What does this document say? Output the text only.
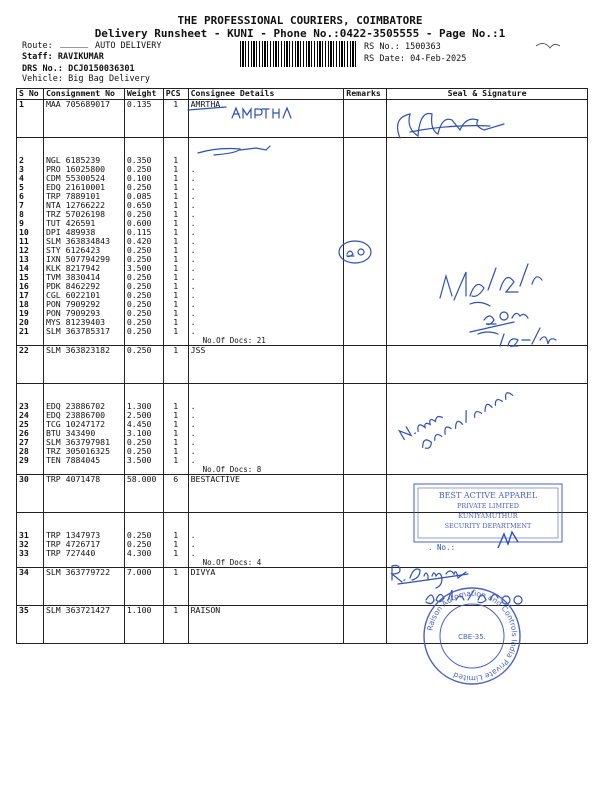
THE PROFESSIONAL COURIERS, COIMBATORE
Delivery Runsheet - KUNI - Phone No.:0422-3505555 - Page No.:1
Route:	AUTO DELIVERY
Staff: RAVIKUMAR
DRS No.: DCJ0150036301
Vehicle: Big Bag Delivery
RS No.: 1500363
RS Date: 04-Feb-2025
S No	Consignment No	Weight	PCS	Consignee Details	Remarks	Seal & Signature
1	MAA 705689017	0.135	1	AMRTHA		
2	NGL 6185239	0.350	1			
3	PRO 16025800	0.250	1	.		
4	CDM 55300524	0.100	1	.		
5	EDQ 21610001	0.250	1	.		
6	TRP 7889101	0.085	1	.		
7	NTA 12766222	0.650	1	.		
8	TRZ 57026198	0.250	1	.		
9	TUT 426591	0.600	1	.		
10	DPI 489938	0.115	1	.		
11	SLM 363834843	0.420	1	.		
12	STY 6126423	0.250	1	.		
13	IXN 507794299	0.250	1	.		
14	KLK 8217942	3.500	1	.		
15	TVM 3830414	0.250	1	.		
16	PDK 8462292	0.250	1	.		
17	CGL 6022101	0.250	1	.		
18	PON 7909292	0.250	1	.		
19	PON 7909293	0.250	1	.		
20	MYS 81239403	0.250	1	.		
21	SLM 363785317	0.250	1	.		
				No.Of Docs: 21		
22	SLM 363823182	0.250	1	JSS		
23	EDQ 23886702	1.300	1	.		
24	EDQ 23886700	2.500	1	.		
25	TCG 10247172	4.450	1	.		
26	BTU 343490	3.100	1	.		
27	SLM 363797981	0.250	1	.		
28	TRZ 305016325	0.250	1	.		
29	TEN 7884045	3.500	1	.		
				No.Of Docs: 8		
30	TRP 4071478	58.000	6	BESTACTIVE		
31	TRP 1347973	0.250	1	.		
32	TRP 4726717	0.250	1	.		
33	TRP 727440	4.300	1	.		
				No.Of Docs: 4		
34	SLM 363779722	7.000	1	DIVYA		
35	SLM 363721427	1.100	1	RAISON		
BEST ACTIVE APPAREL
PRIVATE LIMITED
KUNIYAMUTHUR
SECURITY DEPARTMENT
. No.:
Raison Automation and Controls India Private Limited
CBE-35.
